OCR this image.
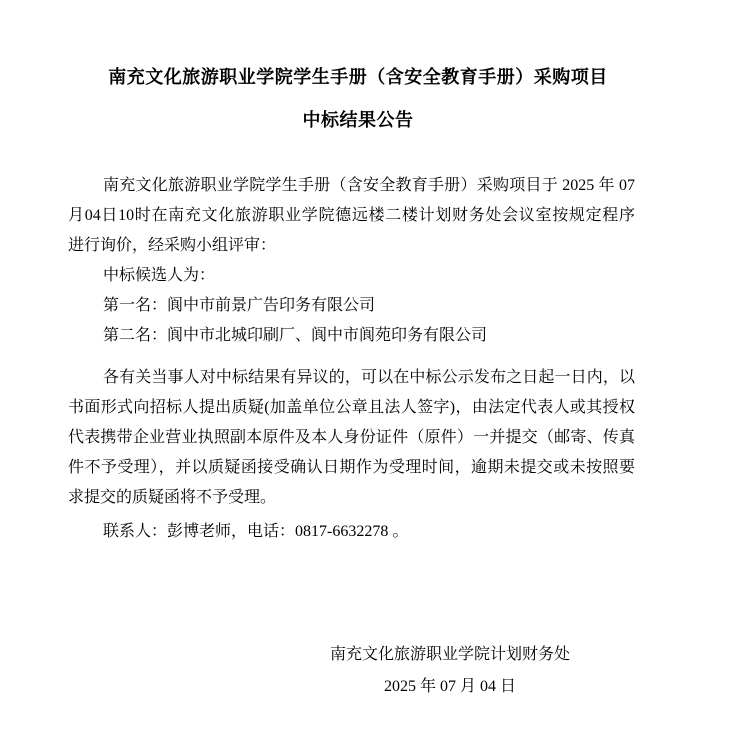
南充文化旅游职业学院学生手册（含安全教育手册）采购项目
中标结果公告
南充文化旅游职业学院学生手册（含安全教育手册）采购项目于 2025 年 07
月04日10时在南充文化旅游职业学院德远楼二楼计划财务处会议室按规定程序
进行询价，经采购小组评审：
中标候选人为：
第一名：阆中市前景广告印务有限公司
第二名：阆中市北城印刷厂、阆中市阆苑印务有限公司
各有关当事人对中标结果有异议的，可以在中标公示发布之日起一日内，以
书面形式向招标人提出质疑(加盖单位公章且法人签字)，由法定代表人或其授权
代表携带企业营业执照副本原件及本人身份证件（原件）一并提交（邮寄、传真
件不予受理），并以质疑函接受确认日期作为受理时间，逾期未提交或未按照要
求提交的质疑函将不予受理。
联系人：彭博老师，电话：0817-6632278 。
南充文化旅游职业学院计划财务处
2025 年 07 月 04 日
